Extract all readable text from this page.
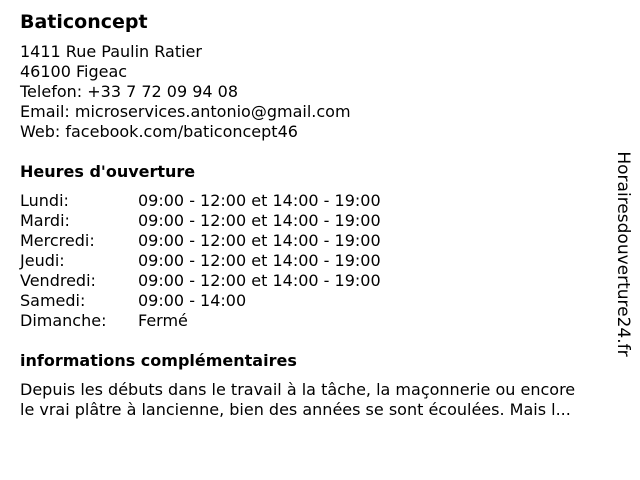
Baticoncept
1411 Rue Paulin Ratier
46100 Figeac
Telefon: +33 7 72 09 94 08
Email: microservices.antonio@gmail.com
Web: facebook.com/baticoncept46
Heures d'ouverture
Lundi:	09:00 - 12:00 et 14:00 - 19:00
Mardi:	09:00 - 12:00 et 14:00 - 19:00
Mercredi:	09:00 - 12:00 et 14:00 - 19:00
Jeudi:	09:00 - 12:00 et 14:00 - 19:00
Vendredi:	09:00 - 12:00 et 14:00 - 19:00
Samedi:	09:00 - 14:00
Dimanche:	Fermé
informations complémentaires
Depuis les débuts dans le travail à la tâche, la maçonnerie ou encore
le vrai plâtre à lancienne, bien des années se sont écoulées. Mais l...
Horairesdouverture24.fr
